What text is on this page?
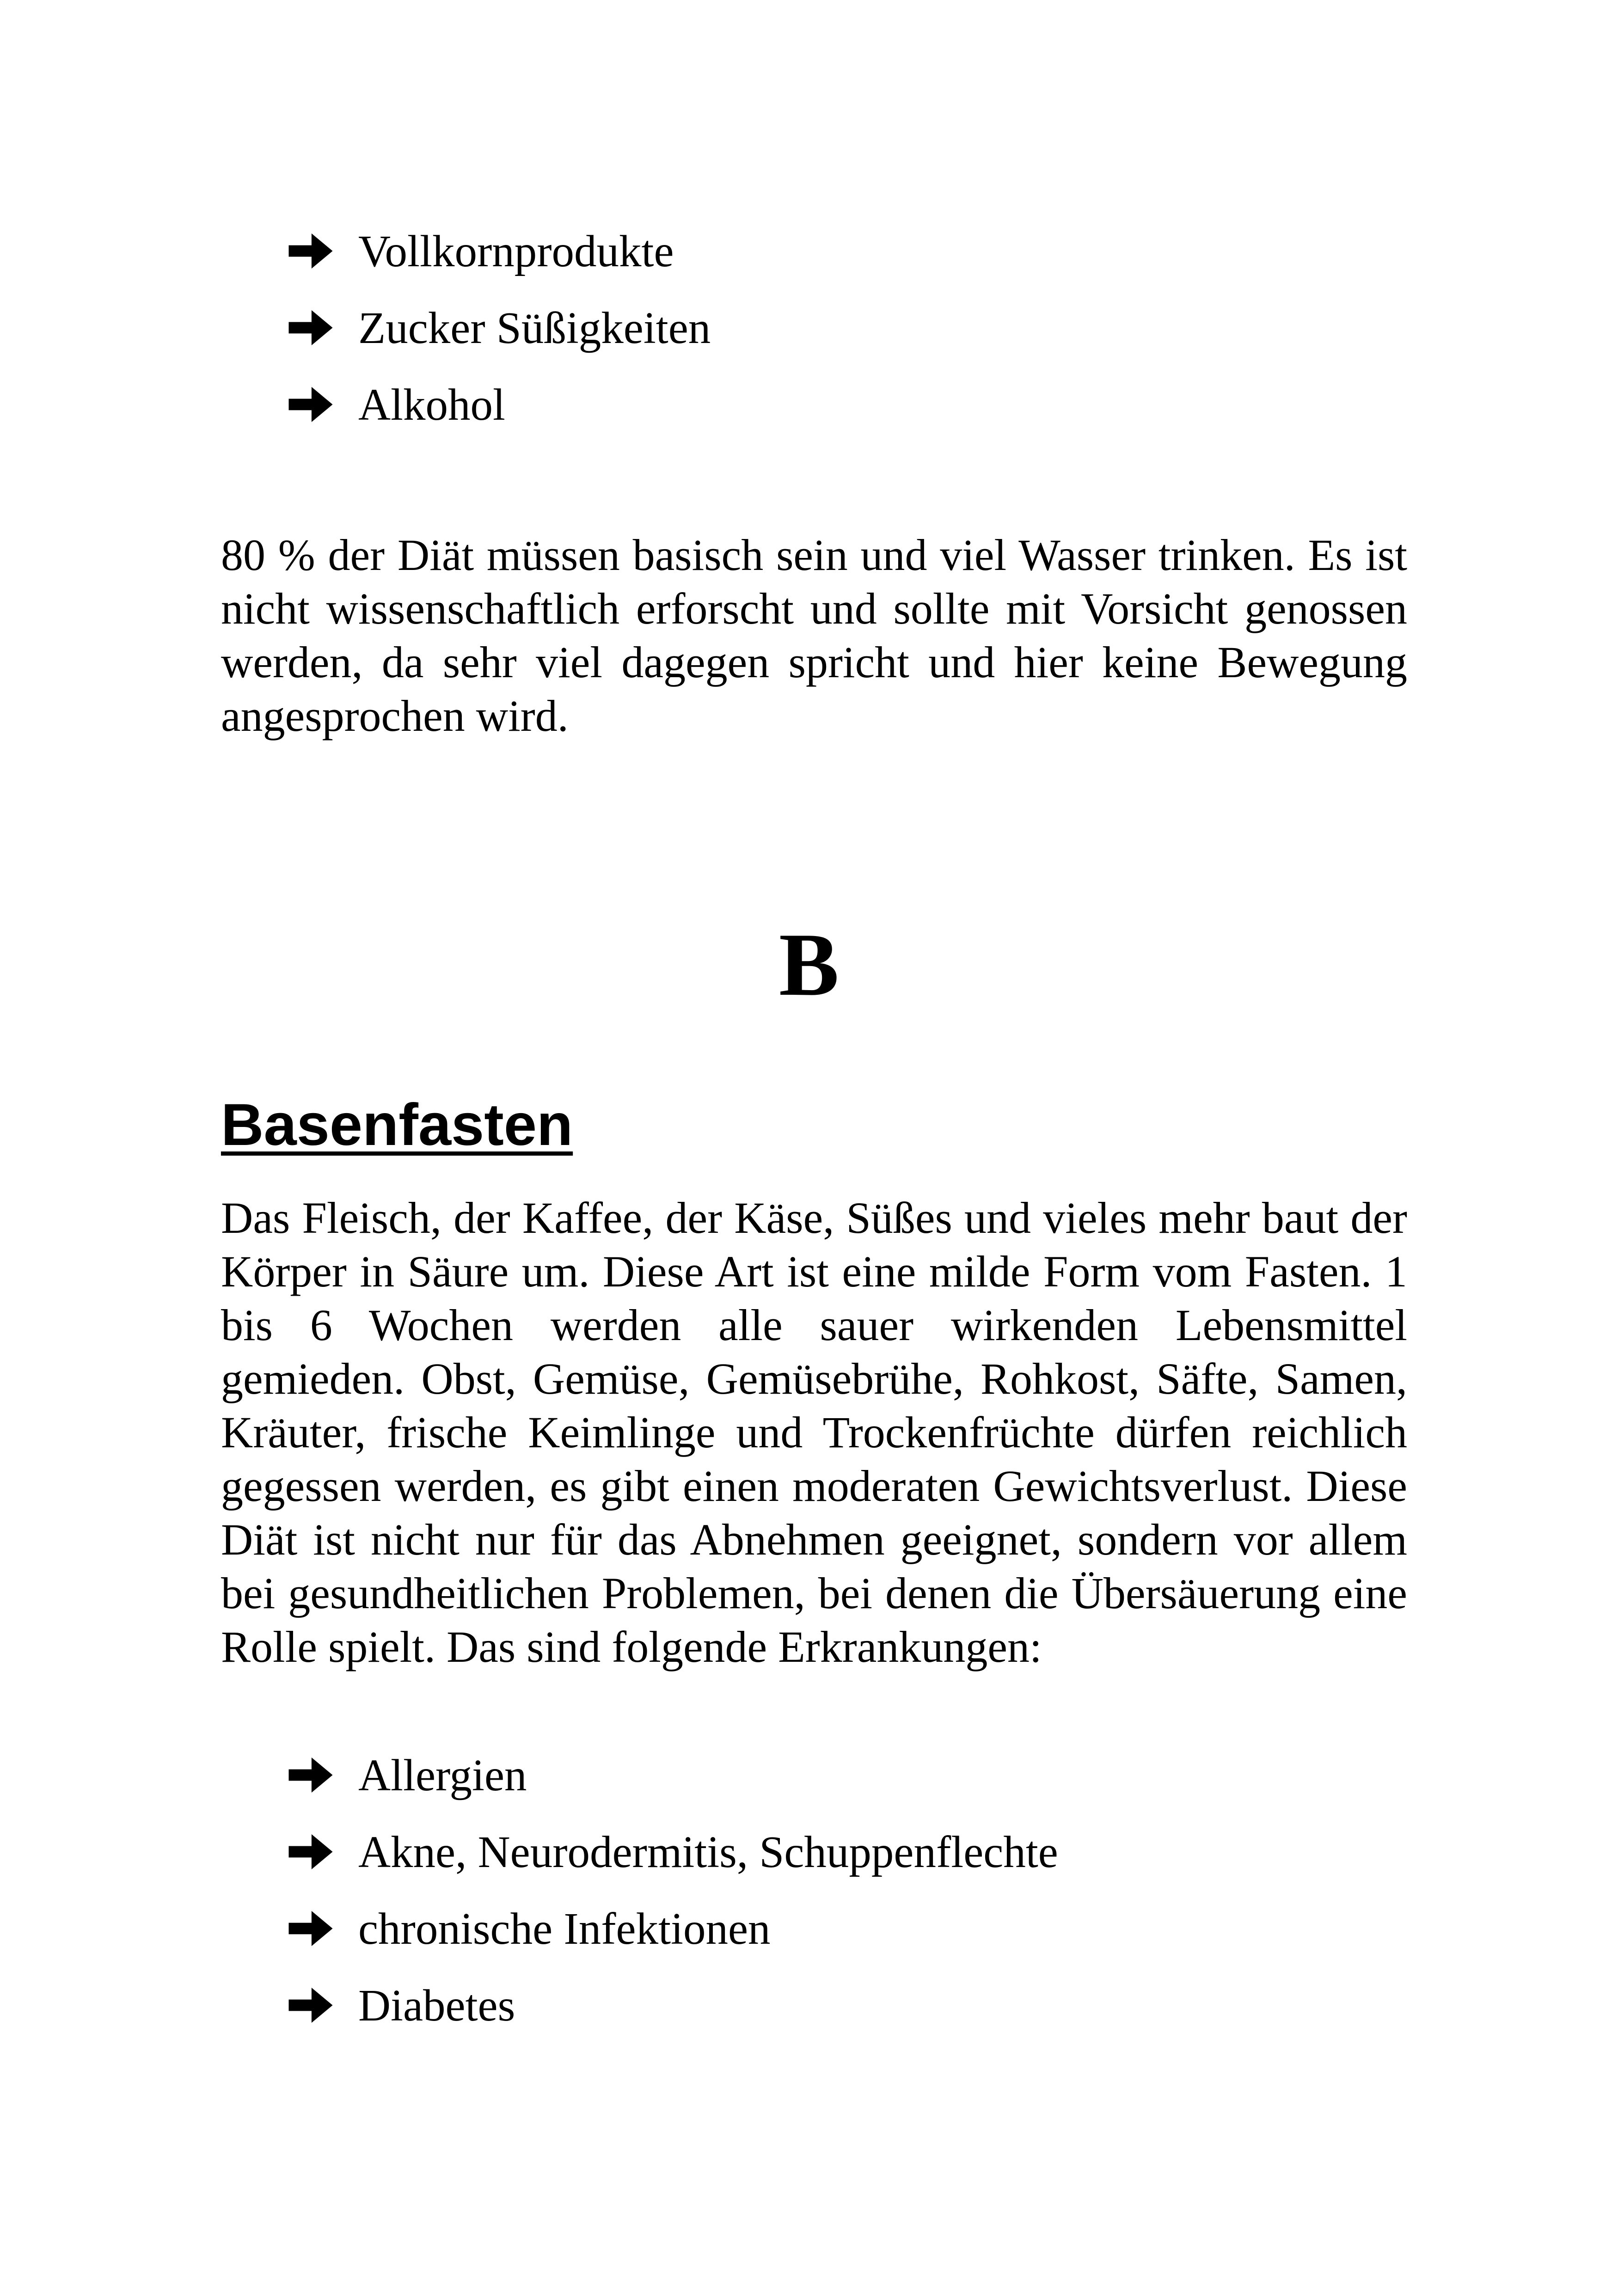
Vollkornprodukte
Zucker Süßigkeiten
Alkohol

80 % der Diät müssen basisch sein und viel Wasser trinken. Es ist nicht wissenschaftlich erforscht und sollte mit Vorsicht genossen werden, da sehr viel dagegen spricht und hier keine Bewegung angesprochen wird.

B
Basenfasten

Das Fleisch, der Kaffee, der Käse, Süßes und vieles mehr baut der Körper in Säure um. Diese Art ist eine milde Form vom Fasten. 1 bis 6 Wochen werden alle sauer wirkenden Lebensmittel gemieden. Obst, Gemüse, Gemüsebrühe, Rohkost, Säfte, Samen, Kräuter, frische Keimlinge und Trockenfrüchte dürfen reichlich gegessen werden, es gibt einen moderaten Gewichtsverlust. Diese Diät ist nicht nur für das Abnehmen geeignet, sondern vor allem bei gesundheitlichen Problemen, bei denen die Übersäuerung eine Rolle spielt. Das sind folgende Erkrankungen:

Allergien
Akne, Neurodermitis, Schuppenflechte
chronische Infektionen
Diabetes
